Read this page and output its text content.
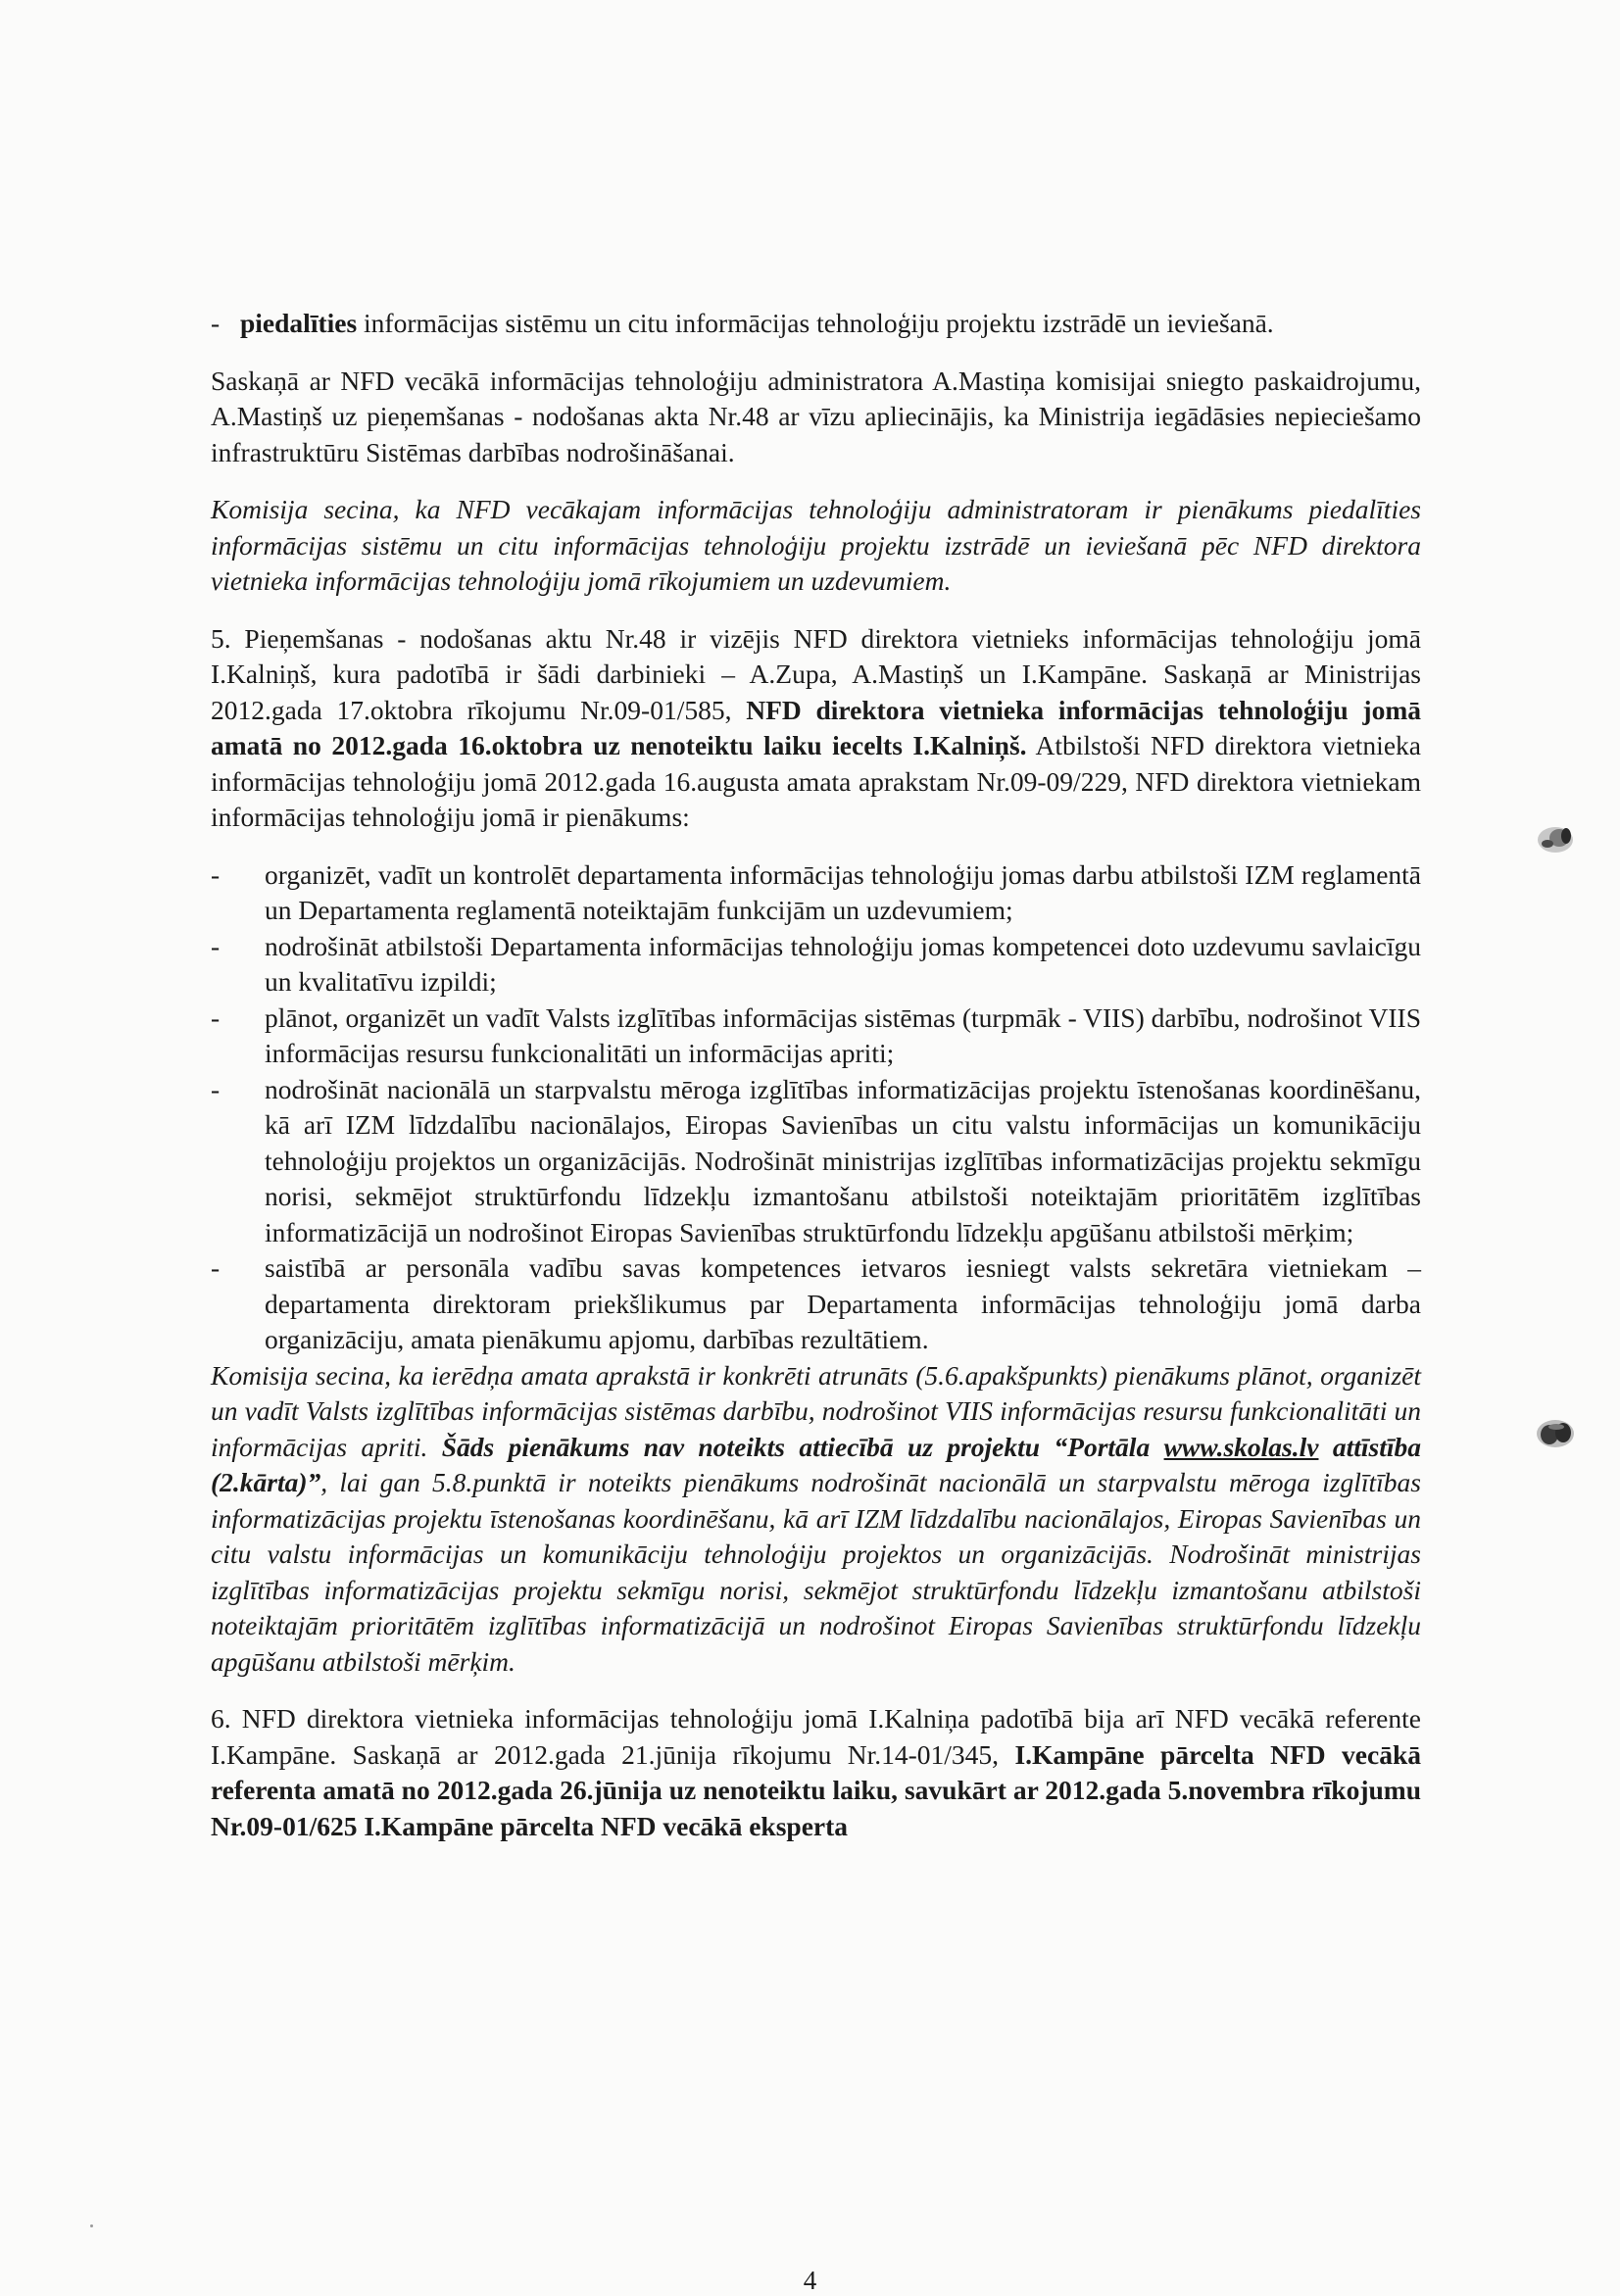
- piedalīties informācijas sistēmu un citu informācijas tehnoloģiju projektu izstrādē un ieviešanā.

Saskaņā ar NFD vecākā informācijas tehnoloģiju administratora A.Mastiņa komisijai sniegto paskaidrojumu, A.Mastiņš uz pieņemšanas - nodošanas akta Nr.48 ar vīzu apliecinājis, ka Ministrija iegādāsies nepieciešamo infrastruktūru Sistēmas darbības nodrošināšanai.

Komisija secina, ka NFD vecākajam informācijas tehnoloģiju administratoram ir pienākums piedalīties informācijas sistēmu un citu informācijas tehnoloģiju projektu izstrādē un ieviešanā pēc NFD direktora vietnieka informācijas tehnoloģiju jomā rīkojumiem un uzdevumiem.

5. Pieņemšanas - nodošanas aktu Nr.48 ir vizējis NFD direktora vietnieks informācijas tehnoloģiju jomā I.Kalniņš, kura padotībā ir šādi darbinieki – A.Zupa, A.Mastiņš un I.Kampāne. Saskaņā ar Ministrijas 2012.gada 17.oktobra rīkojumu Nr.09-01/585, NFD direktora vietnieka informācijas tehnoloģiju jomā amatā no 2012.gada 16.oktobra uz nenoteiktu laiku iecelts I.Kalniņš. Atbilstoši NFD direktora vietnieka informācijas tehnoloģiju jomā 2012.gada 16.augusta amata aprakstam Nr.09-09/229, NFD direktora vietniekam informācijas tehnoloģiju jomā ir pienākums:

-	organizēt, vadīt un kontrolēt departamenta informācijas tehnoloģiju jomas darbu atbilstoši IZM reglamentā un Departamenta reglamentā noteiktajām funkcijām un uzdevumiem;
-	nodrošināt atbilstoši Departamenta informācijas tehnoloģiju jomas kompetencei doto uzdevumu savlaicīgu un kvalitatīvu izpildi;
-	plānot, organizēt un vadīt Valsts izglītības informācijas sistēmas (turpmāk - VIIS) darbību, nodrošinot VIIS informācijas resursu funkcionalitāti un informācijas apriti;
-	nodrošināt nacionālā un starpvalstu mēroga izglītības informatizācijas projektu īstenošanas koordinēšanu, kā arī IZM līdzdalību nacionālajos, Eiropas Savienības un citu valstu informācijas un komunikāciju tehnoloģiju projektos un organizācijās. Nodrošināt ministrijas izglītības informatizācijas projektu sekmīgu norisi, sekmējot struktūrfondu līdzekļu izmantošanu atbilstoši noteiktajām prioritātēm izglītības informatizācijā un nodrošinot Eiropas Savienības struktūrfondu līdzekļu apgūšanu atbilstoši mērķim;
-	saistībā ar personāla vadību savas kompetences ietvaros iesniegt valsts sekretāra vietniekam – departamenta direktoram priekšlikumus par Departamenta informācijas tehnoloģiju jomā darba organizāciju, amata pienākumu apjomu, darbības rezultātiem.

Komisija secina, ka ierēdņa amata aprakstā ir konkrēti atrunāts (5.6.apakšpunkts) pienākums plānot, organizēt un vadīt Valsts izglītības informācijas sistēmas darbību, nodrošinot VIIS informācijas resursu funkcionalitāti un informācijas apriti. Šāds pienākums nav noteikts attiecībā uz projektu “Portāla www.skolas.lv attīstība (2.kārta)”, lai gan 5.8.punktā ir noteikts pienākums nodrošināt nacionālā un starpvalstu mēroga izglītības informatizācijas projektu īstenošanas koordinēšanu, kā arī IZM līdzdalību nacionālajos, Eiropas Savienības un citu valstu informācijas un komunikāciju tehnoloģiju projektos un organizācijās. Nodrošināt ministrijas izglītības informatizācijas projektu sekmīgu norisi, sekmējot struktūrfondu līdzekļu izmantošanu atbilstoši noteiktajām prioritātēm izglītības informatizācijā un nodrošinot Eiropas Savienības struktūrfondu līdzekļu apgūšanu atbilstoši mērķim.

6. NFD direktora vietnieka informācijas tehnoloģiju jomā I.Kalniņa padotībā bija arī NFD vecākā referente I.Kampāne. Saskaņā ar 2012.gada 21.jūnija rīkojumu Nr.14-01/345, I.Kampāne pārcelta NFD vecākā referenta amatā no 2012.gada 26.jūnija uz nenoteiktu laiku, savukārt ar 2012.gada 5.novembra rīkojumu Nr.09-01/625 I.Kampāne pārcelta NFD vecākā eksperta

4
